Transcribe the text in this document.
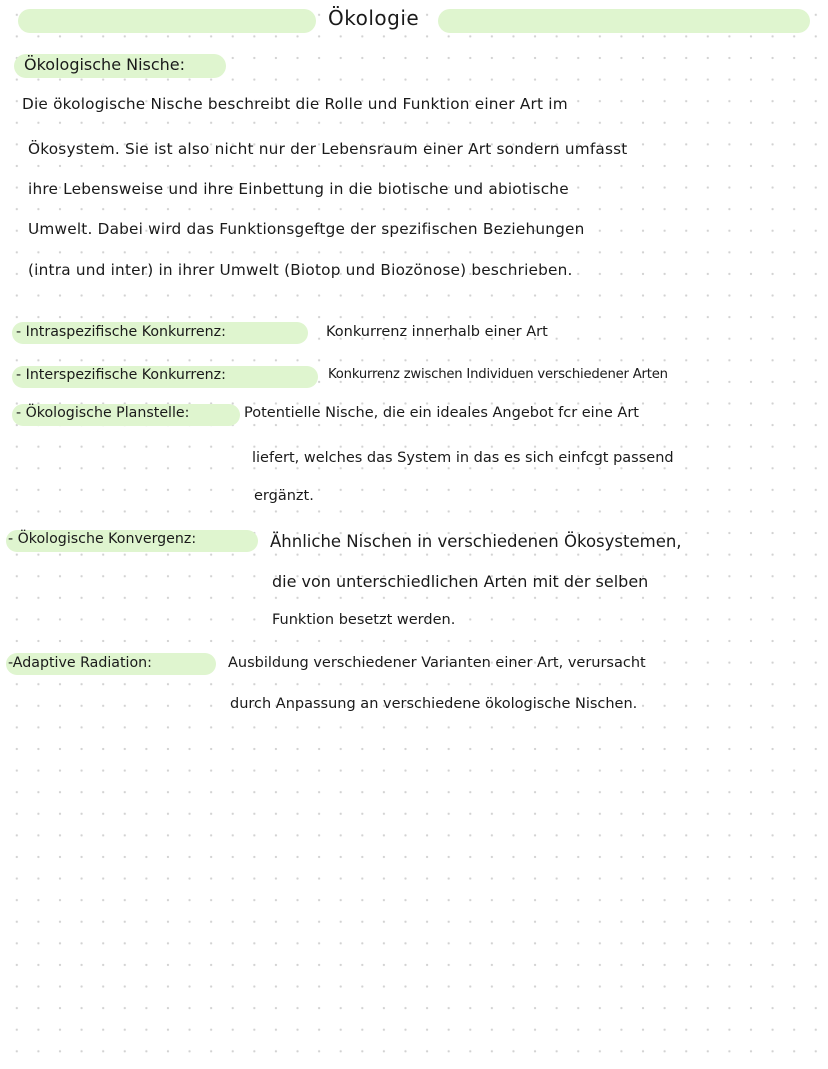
Ökologie
Ökologische Nische:
Die ökologische Nische beschreibt die Rolle und Funktion einer Art im
Ökosystem. Sie ist also nicht nur der Lebensraum einer Art sondern umfasst
ihre Lebensweise und ihre Einbettung in die biotische und abiotische
Umwelt. Dabei wird das Funktionsgeftge der spezifischen Beziehungen
(intra und inter) in ihrer Umwelt (Biotop und Biozönose) beschrieben.
- Intraspezifische Konkurrenz:	Konkurrenz innerhalb einer Art
- Interspezifische Konkurrenz:	Konkurrenz zwischen Individuen verschiedener Arten
- Ökologische Planstelle:	Potentielle Nische, die ein ideales Angebot fcr eine Art
liefert, welches das System in das es sich einfcgt passend
ergänzt.
- Ökologische Konvergenz:	Ähnliche Nischen in verschiedenen Ökosystemen,
die von unterschiedlichen Arten mit der selben
Funktion besetzt werden.
-Adaptive Radiation:	Ausbildung verschiedener Varianten einer Art, verursacht
durch Anpassung an verschiedene ökologische Nischen.
